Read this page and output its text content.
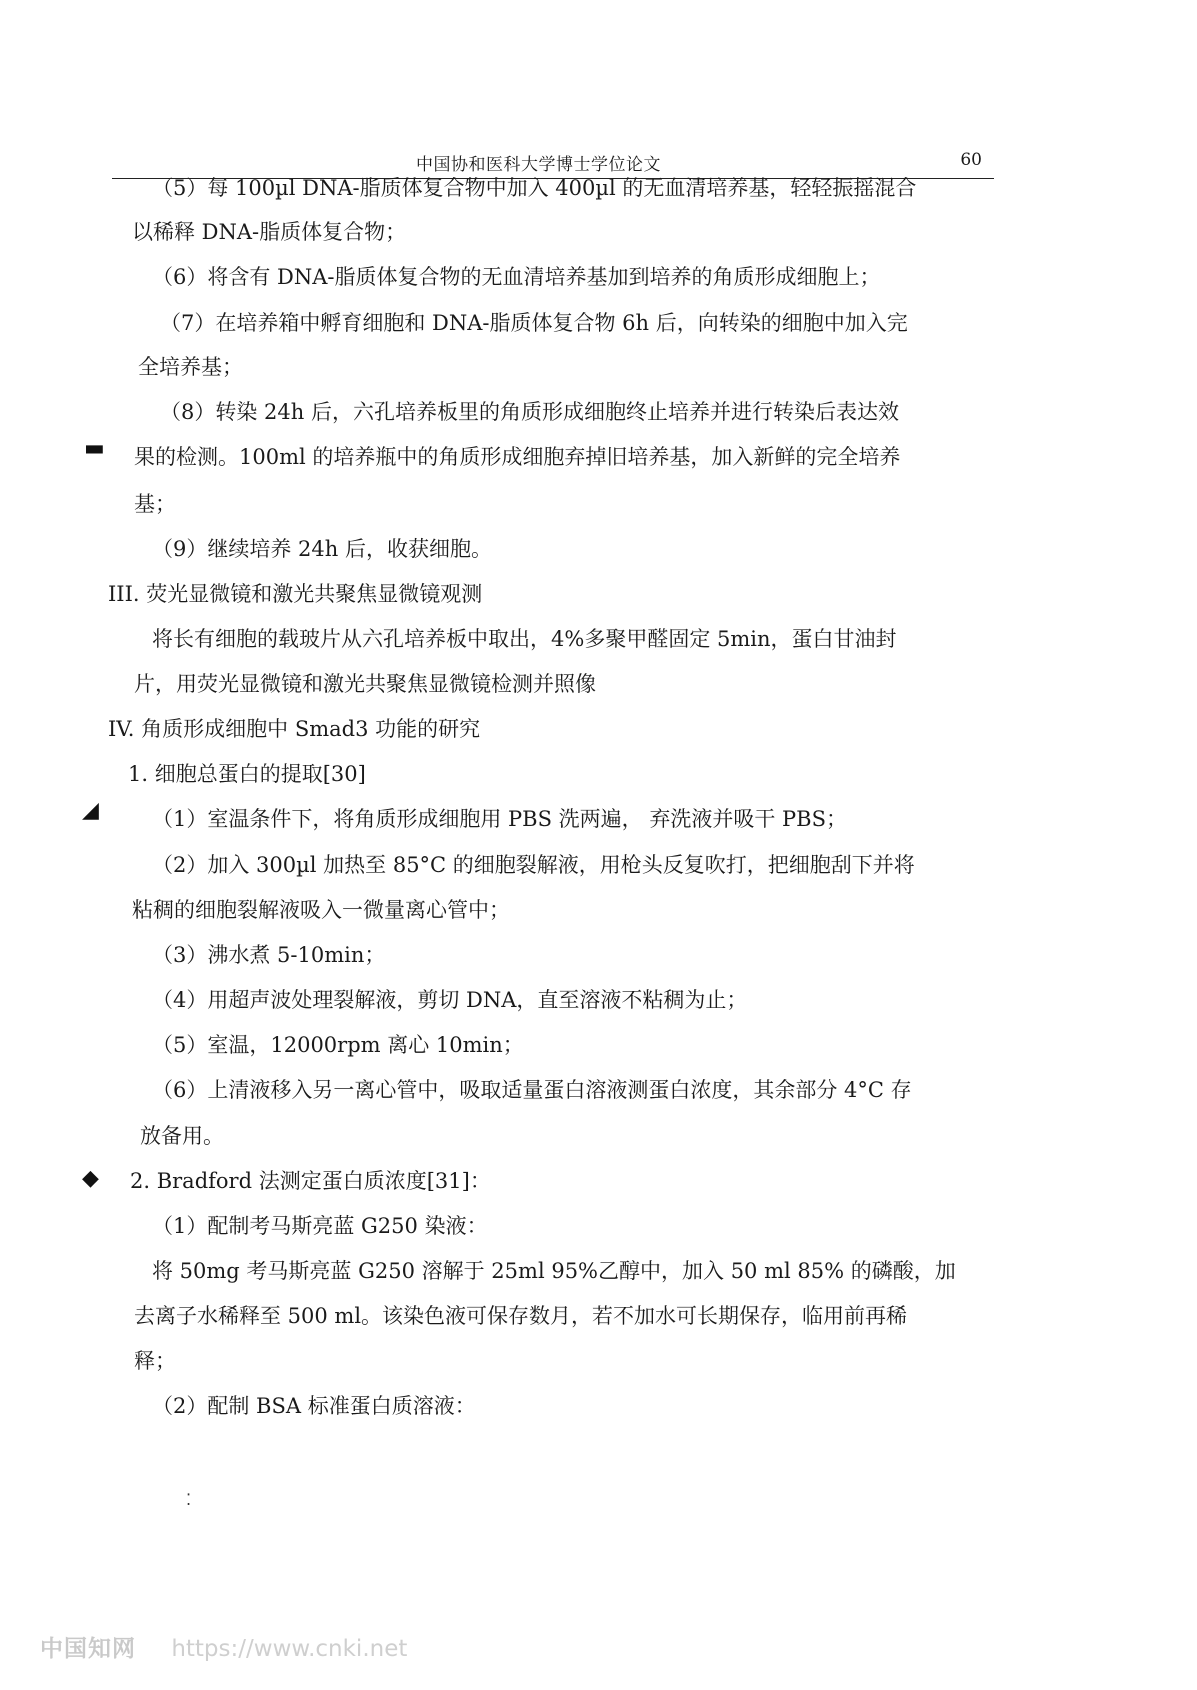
中国协和医科大学博士学位论文	60
（5）每 100µl DNA-脂质体复合物中加入 400µl 的无血清培养基，轻轻振摇混合
以稀释 DNA-脂质体复合物；
（6）将含有 DNA-脂质体复合物的无血清培养基加到培养的角质形成细胞上；
（7）在培养箱中孵育细胞和 DNA-脂质体复合物 6h 后，向转染的细胞中加入完
全培养基；
（8）转染 24h 后，六孔培养板里的角质形成细胞终止培养并进行转染后表达效
果的检测。100ml 的培养瓶中的角质形成细胞弃掉旧培养基，加入新鲜的完全培养
基；
（9）继续培养 24h 后，收获细胞。
III. 荧光显微镜和激光共聚焦显微镜观测
将长有细胞的载玻片从六孔培养板中取出，4%多聚甲醛固定 5min，蛋白甘油封
片，用荧光显微镜和激光共聚焦显微镜检测并照像
IV. 角质形成细胞中 Smad3 功能的研究
1. 细胞总蛋白的提取[30]
（1）室温条件下，将角质形成细胞用 PBS 洗两遍， 弃洗液并吸干 PBS；
（2）加入 300µl 加热至 85°C 的细胞裂解液，用枪头反复吹打，把细胞刮下并将
粘稠的细胞裂解液吸入一微量离心管中；
（3）沸水煮 5-10min；
（4）用超声波处理裂解液，剪切 DNA，直至溶液不粘稠为止；
（5）室温，12000rpm 离心 10min；
（6）上清液移入另一离心管中，吸取适量蛋白溶液测蛋白浓度，其余部分 4°C 存
放备用。
2. Bradford 法测定蛋白质浓度[31]：
（1）配制考马斯亮蓝 G250 染液：
将 50mg 考马斯亮蓝 G250 溶解于 25ml 95%乙醇中，加入 50 ml 85% 的磷酸，加
去离子水稀释至 500 ml。该染色液可保存数月，若不加水可长期保存，临用前再稀
释；
（2）配制 BSA 标准蛋白质溶液：
▬
◢
◆
⁚
中国知网 https://www.cnki.net
